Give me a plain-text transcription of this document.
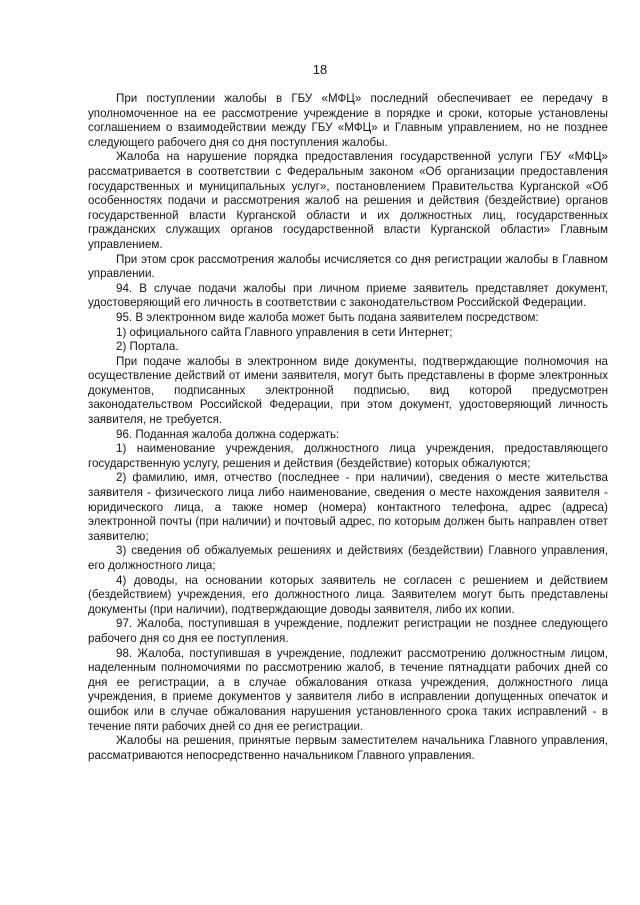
18

При поступлении жалобы в ГБУ «МФЦ» последний обеспечивает ее передачу в уполномоченное на ее рассмотрение учреждение в порядке и сроки, которые установлены соглашением о взаимодействии между ГБУ «МФЦ» и Главным управлением, но не позднее следующего рабочего дня со дня поступления жалобы.

Жалоба на нарушение порядка предоставления государственной услуги ГБУ «МФЦ» рассматривается в соответствии с Федеральным законом «Об организации предоставления государственных и муниципальных услуг», постановлением Правительства Курганской «Об особенностях подачи и рассмотрения жалоб на решения и действия (бездействие) органов государственной власти Курганской области и их должностных лиц, государственных гражданских служащих органов государственной власти Курганской области» Главным управлением.

При этом срок рассмотрения жалобы исчисляется со дня регистрации жалобы в Главном управлении.

94. В случае подачи жалобы при личном приеме заявитель представляет документ, удостоверяющий его личность в соответствии с законодательством Российской Федерации.

95. В электронном виде жалоба может быть подана заявителем посредством:

1) официального сайта Главного управления в сети Интернет;

2) Портала.

При подаче жалобы в электронном виде документы, подтверждающие полномочия на осуществление действий от имени заявителя, могут быть представлены в форме электронных документов, подписанных электронной подписью, вид которой предусмотрен законодательством Российской Федерации, при этом документ, удостоверяющий личность заявителя, не требуется.

96. Поданная жалоба должна содержать:

1) наименование учреждения, должностного лица учреждения, предоставляющего государственную услугу, решения и действия (бездействие) которых обжалуются;

2) фамилию, имя, отчество (последнее - при наличии), сведения о месте жительства заявителя - физического лица либо наименование, сведения о месте нахождения заявителя - юридического лица, а также номер (номера) контактного телефона, адрес (адреса) электронной почты (при наличии) и почтовый адрес, по которым должен быть направлен ответ заявителю;

3) сведения об обжалуемых решениях и действиях (бездействии) Главного управления, его должностного лица;

4) доводы, на основании которых заявитель не согласен с решением и действием (бездействием) учреждения, его должностного лица. Заявителем могут быть представлены документы (при наличии), подтверждающие доводы заявителя, либо их копии.

97. Жалоба, поступившая в учреждение, подлежит регистрации не позднее следующего рабочего дня со дня ее поступления.

98. Жалоба, поступившая в учреждение, подлежит рассмотрению должностным лицом, наделенным полномочиями по рассмотрению жалоб, в течение пятнадцати рабочих дней со дня ее регистрации, а в случае обжалования отказа учреждения, должностного лица учреждения, в приеме документов у заявителя либо в исправлении допущенных опечаток и ошибок или в случае обжалования нарушения установленного срока таких исправлений - в течение пяти рабочих дней со дня ее регистрации.

Жалобы на решения, принятые первым заместителем начальника Главного управления, рассматриваются непосредственно начальником Главного управления.
